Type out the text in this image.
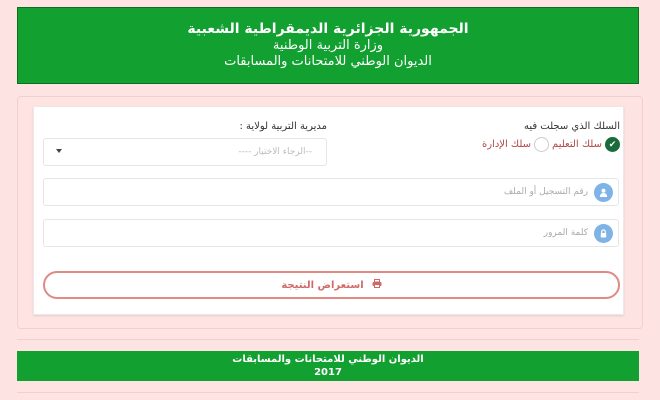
الجمهورية الجزائرية الديمقراطية الشعبية
وزارة التربية الوطنية
الديوان الوطني للامتحانات والمسابقات
السلك الذي سجلت فيه
✔
سلك التعليم
سلك الإدارة
مديرية التربية لولاية :
--الرجاء الاختيار ----
رقم التسجيل أو الملف
كلمة المرور
استعراض النتيجة
الديوان الوطني للامتحانات والمسابقات
2017
